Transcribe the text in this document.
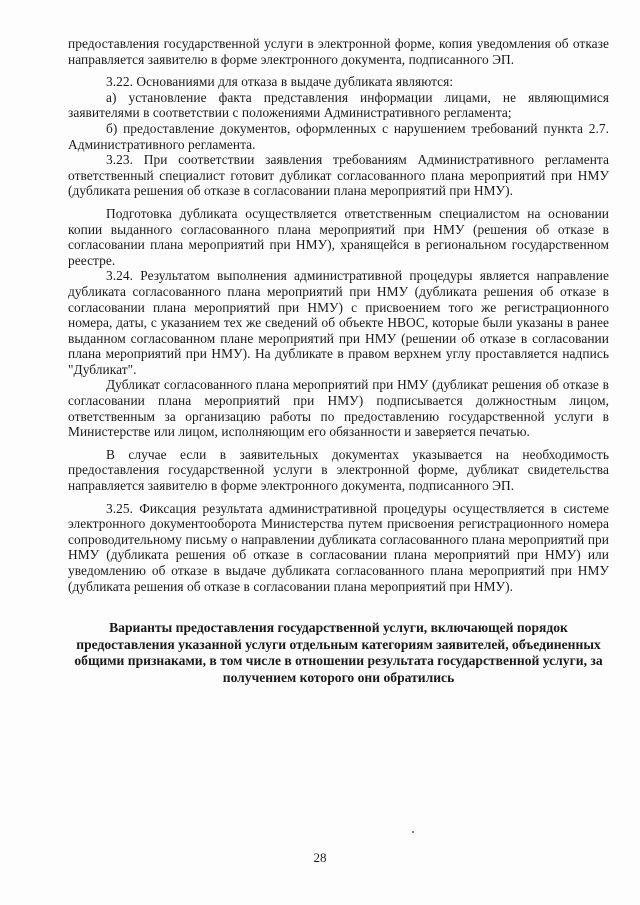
предоставления государственной услуги в электронной форме, копия уведомления об отказе направляется заявителю в форме электронного документа, подписанного ЭП.

3.22. Основаниями для отказа в выдаче дубликата являются:

а) установление факта представления информации лицами, не являющимися заявителями в соответствии с положениями Административного регламента;

б) предоставление документов, оформленных с нарушением требований пункта 2.7. Административного регламента.

3.23. При соответствии заявления требованиям Административного регламента ответственный специалист готовит дубликат согласованного плана мероприятий при НМУ (дубликата решения об отказе в согласовании плана мероприятий при НМУ).

Подготовка дубликата осуществляется ответственным специалистом на основании копии выданного согласованного плана мероприятий при НМУ (решения об отказе в согласовании плана мероприятий при НМУ), хранящейся в региональном государственном реестре.

3.24. Результатом выполнения административной процедуры является направление дубликата согласованного плана мероприятий при НМУ (дубликата решения об отказе в согласовании плана мероприятий при НМУ) с присвоением того же регистрационного номера, даты, с указанием тех же сведений об объекте НВОС, которые были указаны в ранее выданном согласованном плане мероприятий при НМУ (решении об отказе в согласовании плана мероприятий при НМУ). На дубликате в правом верхнем углу проставляется надпись "Дубликат".

Дубликат согласованного плана мероприятий при НМУ (дубликат решения об отказе в согласовании плана мероприятий при НМУ) подписывается должностным лицом, ответственным за организацию работы по предоставлению государственной услуги в Министерстве или лицом, исполняющим его обязанности и заверяется печатью.

В случае если в заявительных документах указывается на необходимость предоставления государственной услуги в электронной форме, дубликат свидетельства направляется заявителю в форме электронного документа, подписанного ЭП.

3.25. Фиксация результата административной процедуры осуществляется в системе электронного документооборота Министерства путем присвоения регистрационного номера сопроводительному письму о направлении дубликата согласованного плана мероприятий при НМУ (дубликата решения об отказе в согласовании плана мероприятий при НМУ) или уведомлению об отказе в выдаче дубликата согласованного плана мероприятий при НМУ (дубликата решения об отказе в согласовании плана мероприятий при НМУ).

Варианты предоставления государственной услуги, включающей порядок предоставления указанной услуги отдельным категориям заявителей, объединенных общими признаками, в том числе в отношении результата государственной услуги, за получением которого они обратились
28
